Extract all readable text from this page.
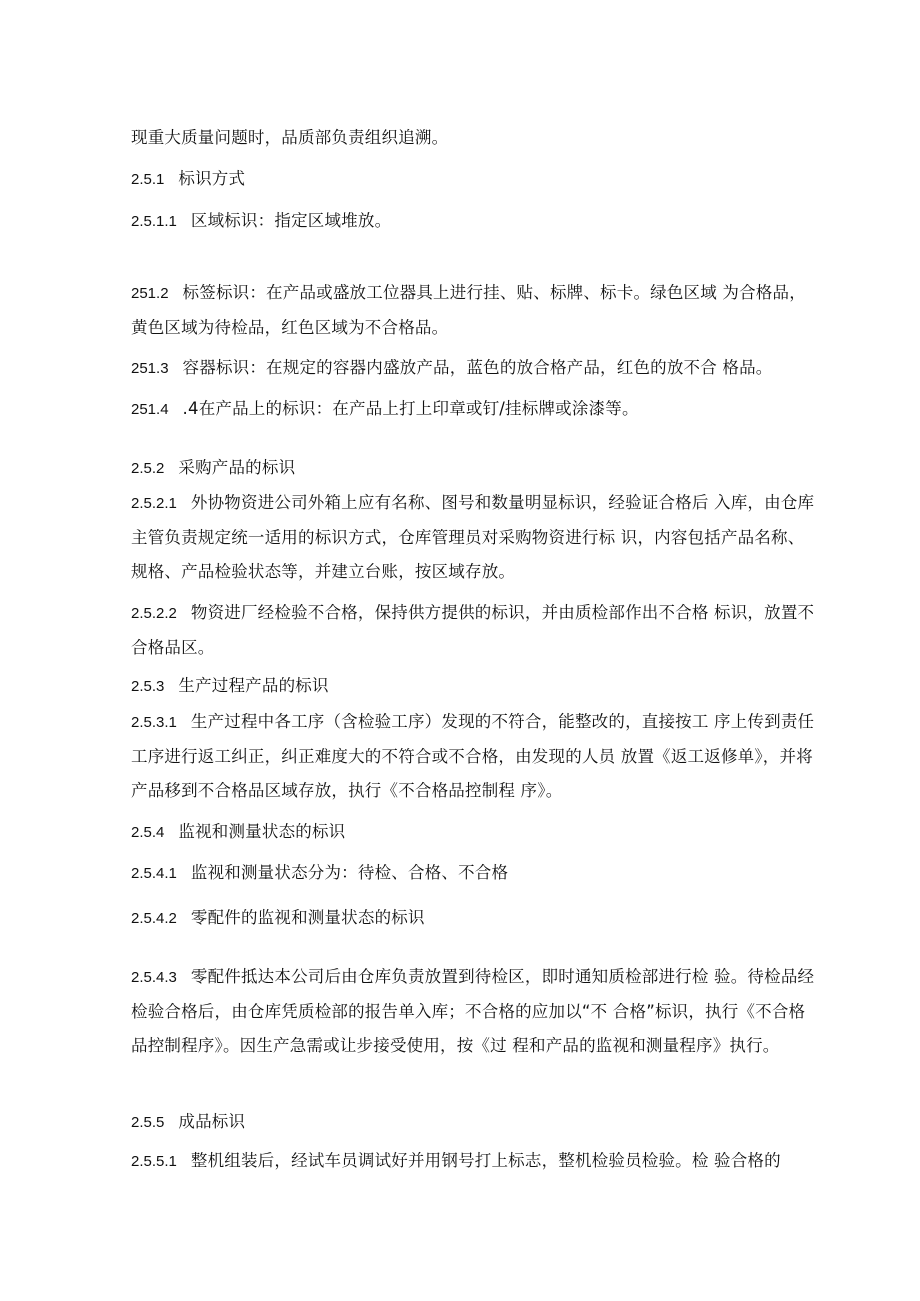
现重大质量问题时，品质部负责组织追溯。

2.5.1 标识方式

2.5.1.1 区域标识：指定区域堆放。

251.2 标签标识：在产品或盛放工位器具上进行挂、贴、标牌、标卡。绿色区域 为合格品，黄色区域为待检品，红色区域为不合格品。

251.3 容器标识：在规定的容器内盛放产品，蓝色的放合格产品，红色的放不合 格品。

251.4 .4在产品上的标识：在产品上打上印章或钉/挂标牌或涂漆等。

2.5.2 采购产品的标识

2.5.2.1 外协物资进公司外箱上应有名称、图号和数量明显标识，经验证合格后 入库，由仓库主管负责规定统一适用的标识方式，仓库管理员对采购物资进行标 识，内容包括产品名称、规格、产品检验状态等，并建立台账，按区域存放。

2.5.2.2 物资进厂经检验不合格，保持供方提供的标识，并由质检部作出不合格 标识，放置不合格品区。

2.5.3 生产过程产品的标识

2.5.3.1 生产过程中各工序（含检验工序）发现的不符合，能整改的，直接按工 序上传到责任工序进行返工纠正，纠正难度大的不符合或不合格，由发现的人员 放置《返工返修单》，并将产品移到不合格品区域存放，执行《不合格品控制程 序》。

2.5.4 监视和测量状态的标识

2.5.4.1 监视和测量状态分为：待检、合格、不合格

2.5.4.2 零配件的监视和测量状态的标识

2.5.4.3 零配件抵达本公司后由仓库负责放置到待检区，即时通知质检部进行检 验。待检品经检验合格后，由仓库凭质检部的报告单入库；不合格的应加以“不 合格”标识，执行《不合格品控制程序》。因生产急需或让步接受使用，按《过 程和产品的监视和测量程序》执行。

2.5.5 成品标识

2.5.5.1 整机组装后，经试车员调试好并用钢号打上标志，整机检验员检验。检 验合格的
